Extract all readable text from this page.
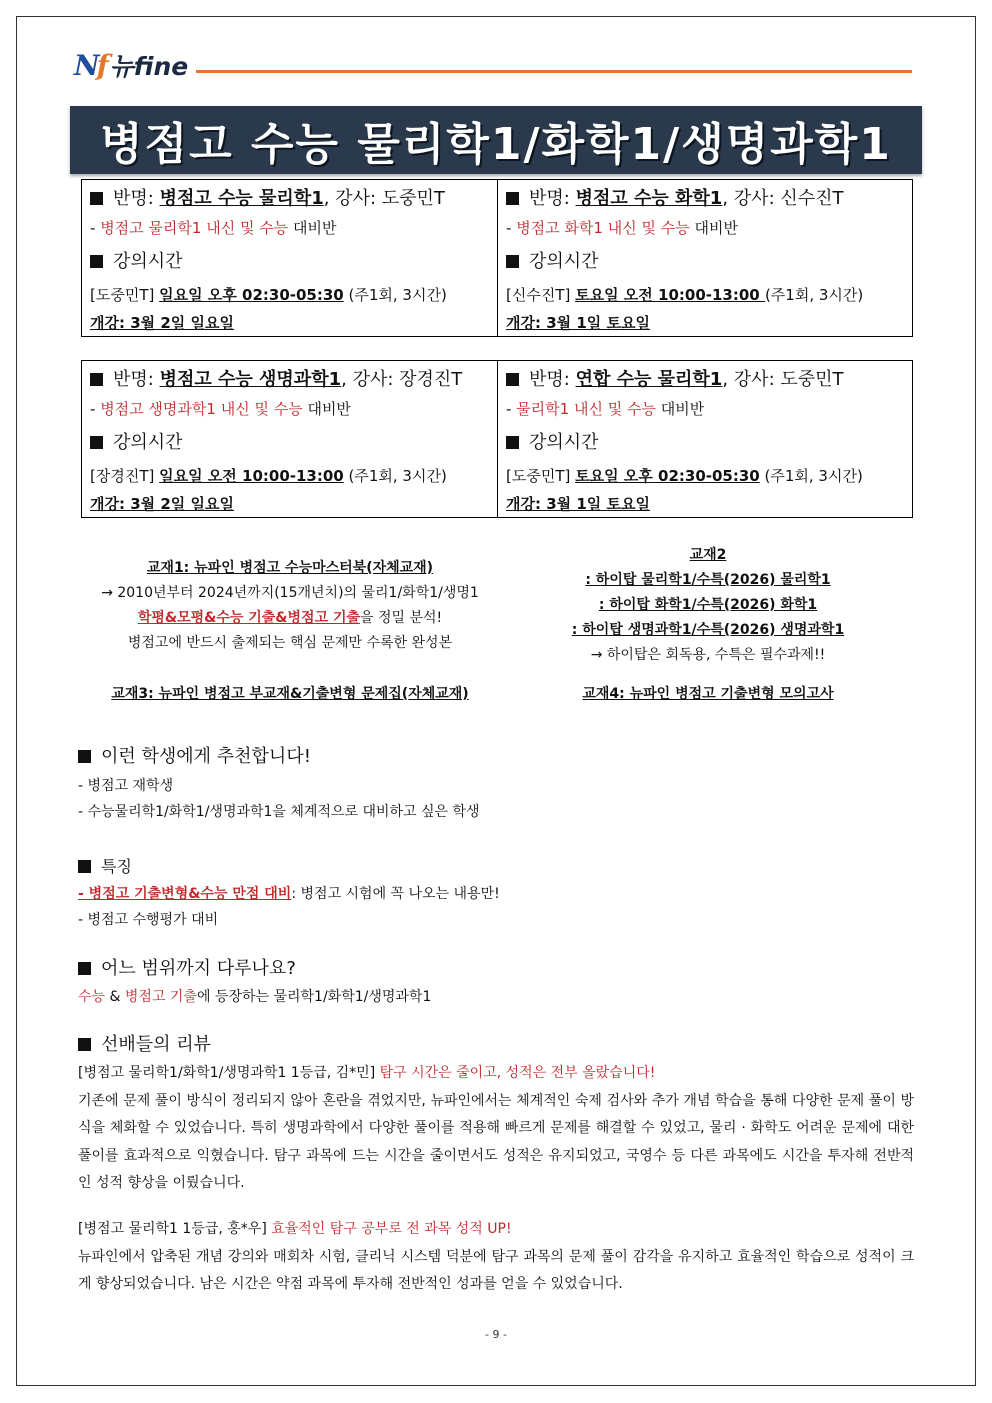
Nf 뉴fine
병점고 수능 물리학1/화학1/생명과학1
반명: 병점고 수능 물리학1, 강사: 도중민T
- 병점고 물리학1 내신 및 수능 대비반
강의시간
[도중민T] 일요일 오후 02:30-05:30 (주1회, 3시간)
개강: 3월 2일 일요일
반명: 병점고 수능 화학1, 강사: 신수진T
- 병점고 화학1 내신 및 수능 대비반
강의시간
[신수진T] 토요일 오전 10:00-13:00 (주1회, 3시간)
개강: 3월 1일 토요일
반명: 병점고 수능 생명과학1, 강사: 장경진T
- 병점고 생명과학1 내신 및 수능 대비반
강의시간
[장경진T] 일요일 오전 10:00-13:00 (주1회, 3시간)
개강: 3월 2일 일요일
반명: 연합 수능 물리학1, 강사: 도중민T
- 물리학1 내신 및 수능 대비반
강의시간
[도중민T] 토요일 오후 02:30-05:30 (주1회, 3시간)
개강: 3월 1일 토요일
교재1: 뉴파인 병점고 수능마스터북(자체교재)
→ 2010년부터 2024년까지(15개년치)의 물리1/화학1/생명1
학평&모평&수능 기출&병점고 기출을 정밀 분석!
병점고에 반드시 출제되는 핵심 문제만 수록한 완성본
교재3: 뉴파인 병점고 부교재&기출변형 문제집(자체교재)
교재2
: 하이탑 물리학1/수특(2026) 물리학1
: 하이탑 화학1/수특(2026) 화학1
: 하이탑 생명과학1/수특(2026) 생명과학1
→ 하이탑은 회독용, 수특은 필수과제!!
교재4: 뉴파인 병점고 기출변형 모의고사
이런 학생에게 추천합니다!
- 병점고 재학생
- 수능물리학1/화학1/생명과학1을 체계적으로 대비하고 싶은 학생
특징
- 병점고 기출변형&수능 만점 대비: 병점고 시험에 꼭 나오는 내용만!
- 병점고 수행평가 대비
어느 범위까지 다루나요?
수능 & 병점고 기출에 등장하는 물리학1/화학1/생명과학1
선배들의 리뷰
[병점고 물리학1/화학1/생명과학1 1등급, 김*민] 탐구 시간은 줄이고, 성적은 전부 올랐습니다!
기존에 문제 풀이 방식이 정리되지 않아 혼란을 겪었지만, 뉴파인에서는 체계적인 숙제 검사와 추가 개념 학습을 통해 다양한 문제 풀이 방식을 체화할 수 있었습니다. 특히 생명과학에서 다양한 풀이를 적용해 빠르게 문제를 해결할 수 있었고, 물리 · 화학도 어려운 문제에 대한 풀이를 효과적으로 익혔습니다. 탐구 과목에 드는 시간을 줄이면서도 성적은 유지되었고, 국영수 등 다른 과목에도 시간을 투자해 전반적인 성적 향상을 이뤘습니다.
[병점고 물리학1 1등급, 홍*우] 효율적인 탐구 공부로 전 과목 성적 UP!
뉴파인에서 압축된 개념 강의와 매회차 시험, 클리닉 시스템 덕분에 탐구 과목의 문제 풀이 감각을 유지하고 효율적인 학습으로 성적이 크게 향상되었습니다. 남은 시간은 약점 과목에 투자해 전반적인 성과를 얻을 수 있었습니다.
- 9 -
